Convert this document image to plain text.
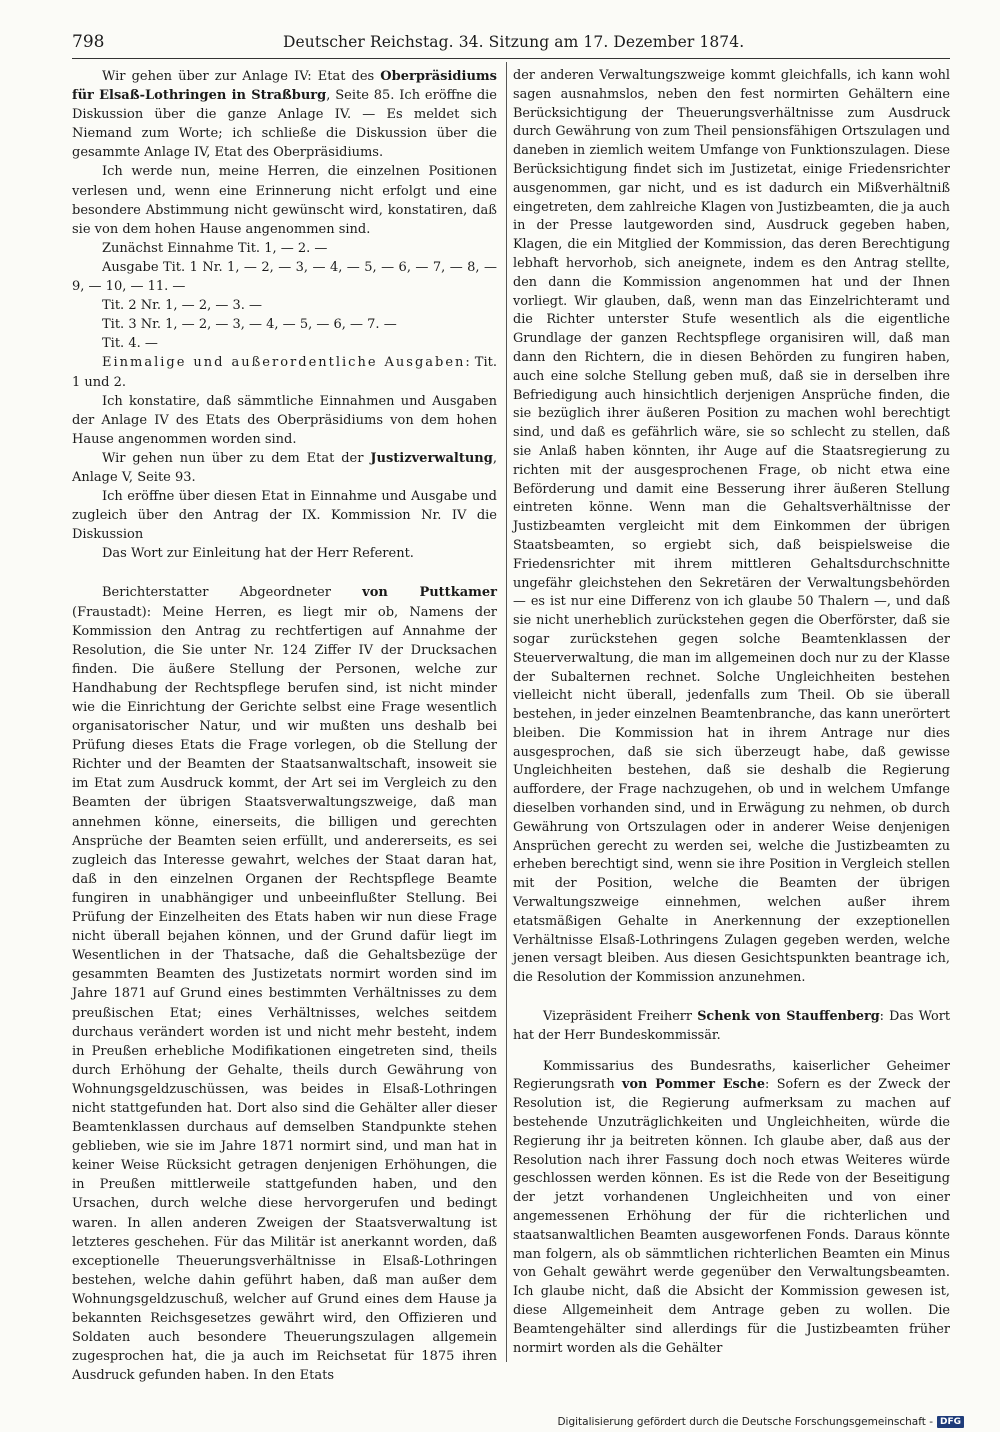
798	Deutscher Reichstag. 34. Sitzung am 17. Dezember 1874.

Wir gehen über zur Anlage IV: Etat des Oberpräsidiums für Elsaß-Lothringen in Straßburg, Seite 85. Ich eröffne die Diskussion über die ganze Anlage IV. — Es meldet sich Niemand zum Worte; ich schließe die Diskussion über die gesammte Anlage IV, Etat des Oberpräsidiums.

Ich werde nun, meine Herren, die einzelnen Positionen verlesen und, wenn eine Erinnerung nicht erfolgt und eine besondere Abstimmung nicht gewünscht wird, konstatiren, daß sie von dem hohen Hause angenommen sind.

Zunächst Einnahme Tit. 1, — 2. —

Ausgabe Tit. 1 Nr. 1, — 2, — 3, — 4, — 5, — 6, — 7, — 8, — 9, — 10, — 11. —

Tit. 2 Nr. 1, — 2, — 3. —

Tit. 3 Nr. 1, — 2, — 3, — 4, — 5, — 6, — 7. —

Tit. 4. —

Einmalige und außerordentliche Ausgaben: Tit. 1 und 2.

Ich konstatire, daß sämmtliche Einnahmen und Ausgaben der Anlage IV des Etats des Oberpräsidiums von dem hohen Hause angenommen worden sind.

Wir gehen nun über zu dem Etat der Justizverwaltung, Anlage V, Seite 93.

Ich eröffne über diesen Etat in Einnahme und Ausgabe und zugleich über den Antrag der IX. Kommission Nr. IV die Diskussion

Das Wort zur Einleitung hat der Herr Referent.

Berichterstatter Abgeordneter von Puttkamer (Fraustadt): Meine Herren, es liegt mir ob, Namens der Kommission den Antrag zu rechtfertigen auf Annahme der Resolution, die Sie unter Nr. 124 Ziffer IV der Drucksachen finden. Die äußere Stellung der Personen, welche zur Handhabung der Rechtspflege berufen sind, ist nicht minder wie die Einrichtung der Gerichte selbst eine Frage wesentlich organisatorischer Natur, und wir mußten uns deshalb bei Prüfung dieses Etats die Frage vorlegen, ob die Stellung der Richter und der Beamten der Staatsanwaltschaft, insoweit sie im Etat zum Ausdruck kommt, der Art sei im Vergleich zu den Beamten der übrigen Staatsverwaltungszweige, daß man annehmen könne, einerseits, die billigen und gerechten Ansprüche der Beamten seien erfüllt, und andererseits, es sei zugleich das Interesse gewahrt, welches der Staat daran hat, daß in den einzelnen Organen der Rechtspflege Beamte fungiren in unabhängiger und unbeeinflußter Stellung. Bei Prüfung der Einzelheiten des Etats haben wir nun diese Frage nicht überall bejahen können, und der Grund dafür liegt im Wesentlichen in der Thatsache, daß die Gehaltsbezüge der gesammten Beamten des Justizetats normirt worden sind im Jahre 1871 auf Grund eines bestimmten Verhältnisses zu dem preußischen Etat; eines Verhältnisses, welches seitdem durchaus verändert worden ist und nicht mehr besteht, indem in Preußen erhebliche Modifikationen eingetreten sind, theils durch Erhöhung der Gehalte, theils durch Gewährung von Wohnungsgeldzuschüssen, was beides in Elsaß-Lothringen nicht stattgefunden hat. Dort also sind die Gehälter aller dieser Beamtenklassen durchaus auf demselben Standpunkte stehen geblieben, wie sie im Jahre 1871 normirt sind, und man hat in keiner Weise Rücksicht getragen denjenigen Erhöhungen, die in Preußen mittlerweile stattgefunden haben, und den Ursachen, durch welche diese hervorgerufen und bedingt waren. In allen anderen Zweigen der Staatsverwaltung ist letzteres geschehen. Für das Militär ist anerkannt worden, daß exceptionelle Theuerungsverhältnisse in Elsaß-Lothringen bestehen, welche dahin geführt haben, daß man außer dem Wohnungsgeldzuschuß, welcher auf Grund eines dem Hause ja bekannten Reichsgesetzes gewährt wird, den Offizieren und Soldaten auch besondere Theuerungszulagen allgemein zugesprochen hat, die ja auch im Reichsetat für 1875 ihren Ausdruck gefunden haben. In den Etats

der anderen Verwaltungszweige kommt gleichfalls, ich kann wohl sagen ausnahmslos, neben den fest normirten Gehältern eine Berücksichtigung der Theuerungsverhältnisse zum Ausdruck durch Gewährung von zum Theil pensionsfähigen Ortszulagen und daneben in ziemlich weitem Umfange von Funktionszulagen. Diese Berücksichtigung findet sich im Justizetat, einige Friedensrichter ausgenommen, gar nicht, und es ist dadurch ein Mißverhältniß eingetreten, dem zahlreiche Klagen von Justizbeamten, die ja auch in der Presse lautgeworden sind, Ausdruck gegeben haben, Klagen, die ein Mitglied der Kommission, das deren Berechtigung lebhaft hervorhob, sich aneignete, indem es den Antrag stellte, den dann die Kommission angenommen hat und der Ihnen vorliegt. Wir glauben, daß, wenn man das Einzelrichteramt und die Richter unterster Stufe wesentlich als die eigentliche Grundlage der ganzen Rechtspflege organisiren will, daß man dann den Richtern, die in diesen Behörden zu fungiren haben, auch eine solche Stellung geben muß, daß sie in derselben ihre Befriedigung auch hinsichtlich derjenigen Ansprüche finden, die sie bezüglich ihrer äußeren Position zu machen wohl berechtigt sind, und daß es gefährlich wäre, sie so schlecht zu stellen, daß sie Anlaß haben könnten, ihr Auge auf die Staatsregierung zu richten mit der ausgesprochenen Frage, ob nicht etwa eine Beförderung und damit eine Besserung ihrer äußeren Stellung eintreten könne. Wenn man die Gehaltsverhältnisse der Justizbeamten vergleicht mit dem Einkommen der übrigen Staatsbeamten, so ergiebt sich, daß beispielsweise die Friedensrichter mit ihrem mittleren Gehaltsdurchschnitte ungefähr gleichstehen den Sekretären der Verwaltungsbehörden — es ist nur eine Differenz von ich glaube 50 Thalern —, und daß sie nicht unerheblich zurückstehen gegen die Oberförster, daß sie sogar zurückstehen gegen solche Beamtenklassen der Steuerverwaltung, die man im allgemeinen doch nur zu der Klasse der Subalternen rechnet. Solche Ungleichheiten bestehen vielleicht nicht überall, jedenfalls zum Theil. Ob sie überall bestehen, in jeder einzelnen Beamtenbranche, das kann unerörtert bleiben. Die Kommission hat in ihrem Antrage nur dies ausgesprochen, daß sie sich überzeugt habe, daß gewisse Ungleichheiten bestehen, daß sie deshalb die Regierung auffordere, der Frage nachzugehen, ob und in welchem Umfange dieselben vorhanden sind, und in Erwägung zu nehmen, ob durch Gewährung von Ortszulagen oder in anderer Weise denjenigen Ansprüchen gerecht zu werden sei, welche die Justizbeamten zu erheben berechtigt sind, wenn sie ihre Position in Vergleich stellen mit der Position, welche die Beamten der übrigen Verwaltungszweige einnehmen, welchen außer ihrem etatsmäßigen Gehalte in Anerkennung der exzeptionellen Verhältnisse Elsaß-Lothringens Zulagen gegeben werden, welche jenen versagt bleiben. Aus diesen Gesichtspunkten beantrage ich, die Resolution der Kommission anzunehmen.

Vizepräsident Freiherr Schenk von Stauffenberg: Das Wort hat der Herr Bundeskommissär.

Kommissarius des Bundesraths, kaiserlicher Geheimer Regierungsrath von Pommer Esche: Sofern es der Zweck der Resolution ist, die Regierung aufmerksam zu machen auf bestehende Unzuträglichkeiten und Ungleichheiten, würde die Regierung ihr ja beitreten können. Ich glaube aber, daß aus der Resolution nach ihrer Fassung doch noch etwas Weiteres würde geschlossen werden können. Es ist die Rede von der Beseitigung der jetzt vorhandenen Ungleichheiten und von einer angemessenen Erhöhung der für die richterlichen und staatsanwaltlichen Beamten ausgeworfenen Fonds. Daraus könnte man folgern, als ob sämmtlichen richterlichen Beamten ein Minus von Gehalt gewährt werde gegenüber den Verwaltungsbeamten. Ich glaube nicht, daß die Absicht der Kommission gewesen ist, diese Allgemeinheit dem Antrage geben zu wollen. Die Beamtengehälter sind allerdings für die Justizbeamten früher normirt worden als die Gehälter

Digitalisierung gefördert durch die Deutsche Forschungsgemeinschaft - DFG
